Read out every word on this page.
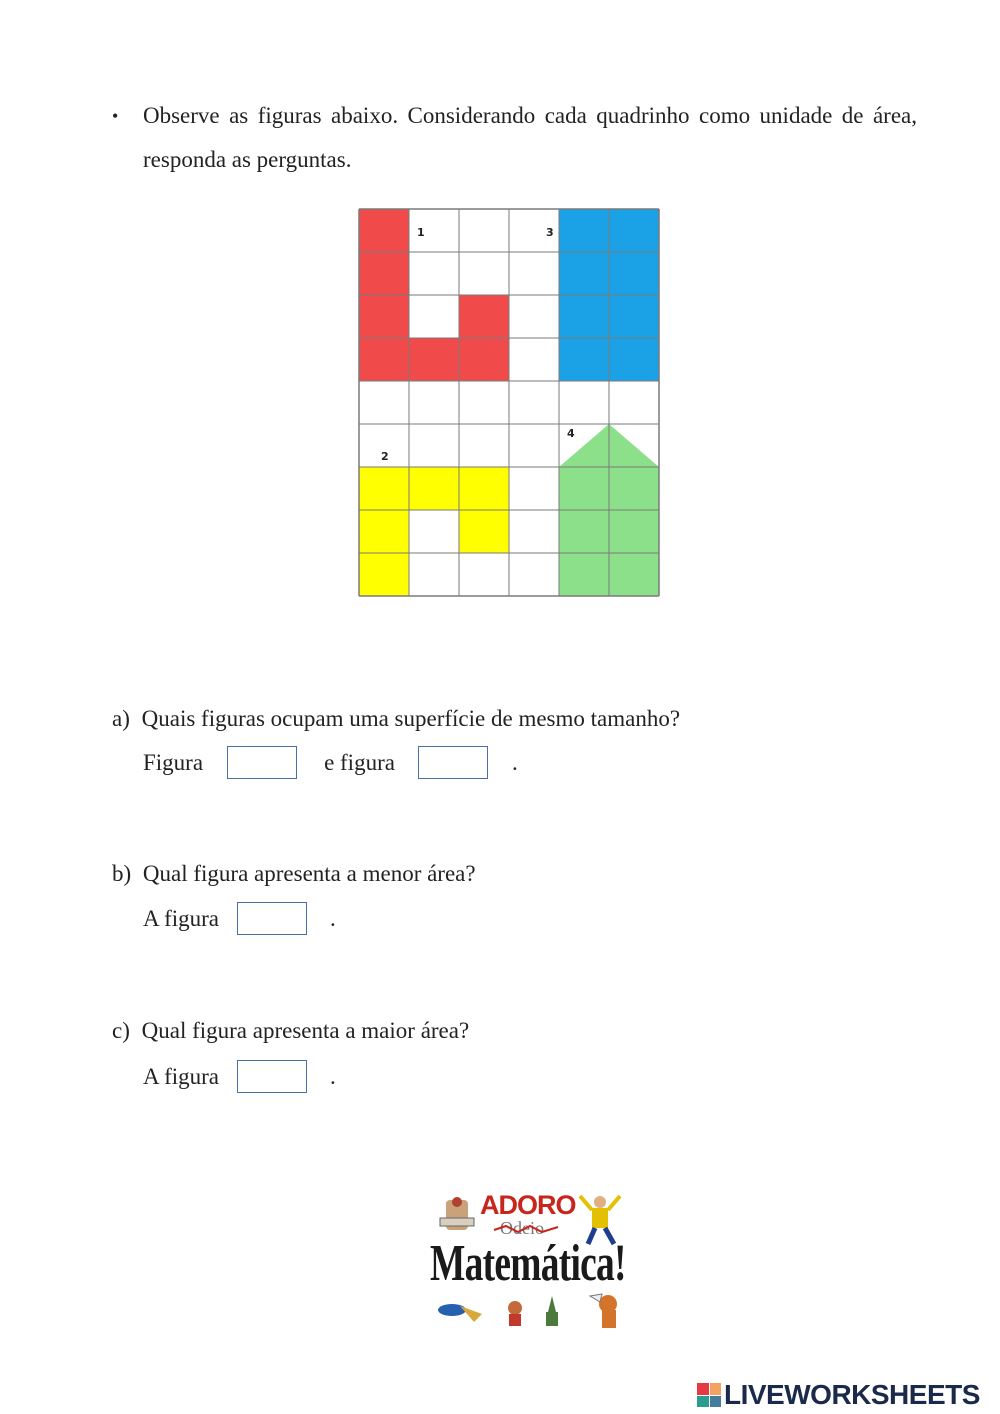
• Observe as figuras abaixo. Considerando cada quadrinho como unidade de área, responda as perguntas.
1	3
2
4
a) Quais figuras ocupam uma superfície de mesmo tamanho?
Figura	e figura	.
b) Qual figura apresenta a menor área?
A figura	.
c) Qual figura apresenta a maior área?
A figura	.
ADORO
Odeio
Matemática!
LIVEWORKSHEETS
